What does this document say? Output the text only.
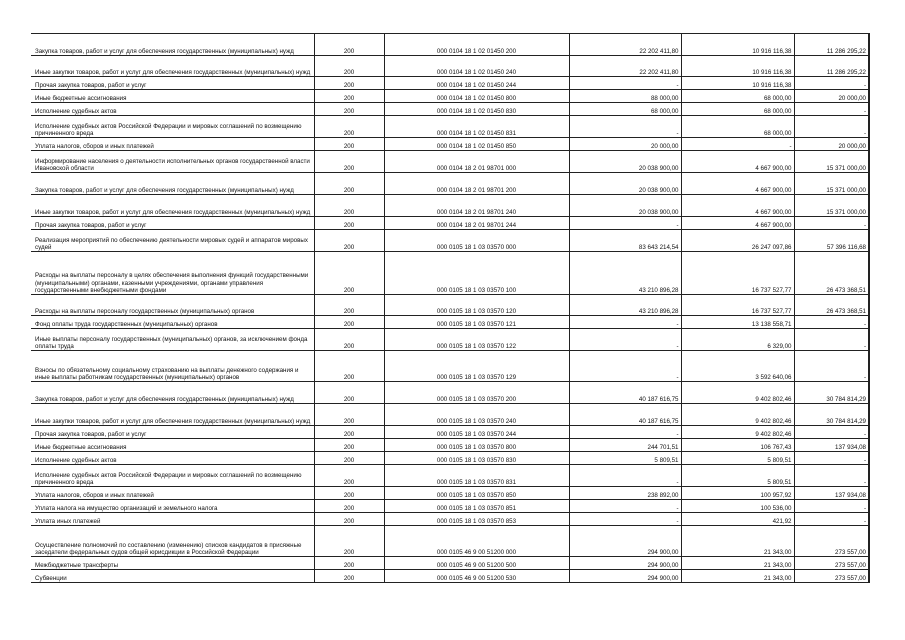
Закупка товаров, работ и услуг для обеспечения государственных (муниципальных) нужд	200	000 0104 18 1 02 01450 200	22 202 411,80	10 916 116,38	11 286 295,22
Иные закупки товаров, работ и услуг для обеспечения государственных (муниципальных) нужд	200	000 0104 18 1 02 01450 240	22 202 411,80	10 916 116,38	11 286 295,22
Прочая закупка товаров, работ и услуг	200	000 0104 18 1 02 01450 244	-	10 916 116,38	-
Иные бюджетные ассигнования	200	000 0104 18 1 02 01450 800	88 000,00	68 000,00	20 000,00
Исполнение судебных актов	200	000 0104 18 1 02 01450 830	68 000,00	68 000,00	-
Исполнение судебных актов Российской Федерации и мировых соглашений по возмещению причиненного вреда	200	000 0104 18 1 02 01450 831	-	68 000,00	-
Уплата налогов, сборов и иных платежей	200	000 0104 18 1 02 01450 850	20 000,00	-	20 000,00
Информирование населения о деятельности исполнительных органов государственной власти Ивановской области	200	000 0104 18 2 01 98701 000	20 038 900,00	4 667 900,00	15 371 000,00
Закупка товаров, работ и услуг для обеспечения государственных (муниципальных) нужд	200	000 0104 18 2 01 98701 200	20 038 900,00	4 667 900,00	15 371 000,00
Иные закупки товаров, работ и услуг для обеспечения государственных (муниципальных) нужд	200	000 0104 18 2 01 98701 240	20 038 900,00	4 667 900,00	15 371 000,00
Прочая закупка товаров, работ и услуг	200	000 0104 18 2 01 98701 244	-	4 667 900,00	-
Реализация мероприятий по обеспечению деятельности мировых судей и аппаратов мировых судей	200	000 0105 18 1 03 03570 000	83 643 214,54	26 247 097,86	57 396 116,68
Расходы на выплаты персоналу в целях обеспечения выполнения функций государственными (муниципальными) органами, казенными учреждениями, органами управления государственными внебюджетными фондами	200	000 0105 18 1 03 03570 100	43 210 896,28	16 737 527,77	26 473 368,51
Расходы на выплаты персоналу государственных (муниципальных) органов	200	000 0105 18 1 03 03570 120	43 210 896,28	16 737 527,77	26 473 368,51
Фонд оплаты труда государственных (муниципальных) органов	200	000 0105 18 1 03 03570 121	-	13 138 558,71	-
Иные выплаты персоналу государственных (муниципальных) органов, за исключением фонда оплаты труда	200	000 0105 18 1 03 03570 122	-	6 329,00	-
Взносы по обязательному социальному страхованию на выплаты денежного содержания и иные выплаты работникам государственных (муниципальных) органов	200	000 0105 18 1 03 03570 129	-	3 592 640,06	-
Закупка товаров, работ и услуг для обеспечения государственных (муниципальных) нужд	200	000 0105 18 1 03 03570 200	40 187 616,75	9 402 802,46	30 784 814,29
Иные закупки товаров, работ и услуг для обеспечения государственных (муниципальных) нужд	200	000 0105 18 1 03 03570 240	40 187 616,75	9 402 802,46	30 784 814,29
Прочая закупка товаров, работ и услуг	200	000 0105 18 1 03 03570 244	-	9 402 802,46	-
Иные бюджетные ассигнования	200	000 0105 18 1 03 03570 800	244 701,51	106 767,43	137 934,08
Исполнение судебных актов	200	000 0105 18 1 03 03570 830	5 809,51	5 809,51	-
Исполнение судебных актов Российской Федерации и мировых соглашений по возмещению причиненного вреда	200	000 0105 18 1 03 03570 831	-	5 809,51	-
Уплата налогов, сборов и иных платежей	200	000 0105 18 1 03 03570 850	238 892,00	100 957,92	137 934,08
Уплата налога на имущество организаций и земельного налога	200	000 0105 18 1 03 03570 851	-	100 536,00	-
Уплата иных платежей	200	000 0105 18 1 03 03570 853	-	421,92	-
Осуществление полномочий по составлению (изменению) списков кандидатов в присяжные заседатели федеральных судов общей юрисдикции в Российской Федерации	200	000 0105 46 9 00 51200 000	294 900,00	21 343,00	273 557,00
Межбюджетные трансферты	200	000 0105 46 9 00 51200 500	294 900,00	21 343,00	273 557,00
Субвенции	200	000 0105 46 9 00 51200 530	294 900,00	21 343,00	273 557,00
